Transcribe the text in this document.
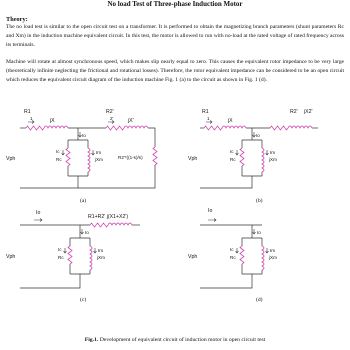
No load Test of Three-phase Induction Motor
Theory:

The no load test is similar to the open circuit test on a transformer. It is performed to obtain the magnetizing branch parameters (shunt parameters Rc and Xm) in the induction machine equivalent circuit. In this test, the motor is allowed to run with no-load at the rated voltage of rated frequency across its terminals.

Machine will rotate at almost synchronous speed, which makes slip nearly equal to zero. This causes the equivalent rotor impedance to be very large (theoretically infinite neglecting the frictional and rotational losses). Therefore, the rotor equivalent impedance can be considered to be an open circuit which reduces the equivalent circuit diagram of the induction machine Fig. 1 (a) to the circuit as shown in Fig. 1 (d).

R1
jX
R2'
jX'
1	2'
Vph
Io
Ic
Rc
Im
jXm	R2'*((1-s)/s)
(a)
R1
jX
R2' jX2'
1
Vph
Io
Ic
Rc
Im
jXm
(b)
Io
R1+R2' j(X1+X2')
Vph
Io
Ic
Rc
Im
jXm
(c)
Io
Vph
Io
Ic
Rc
Im
jXm
(d)
Fig.1. Development of equivalent circuit of induction motor in open circuit test
